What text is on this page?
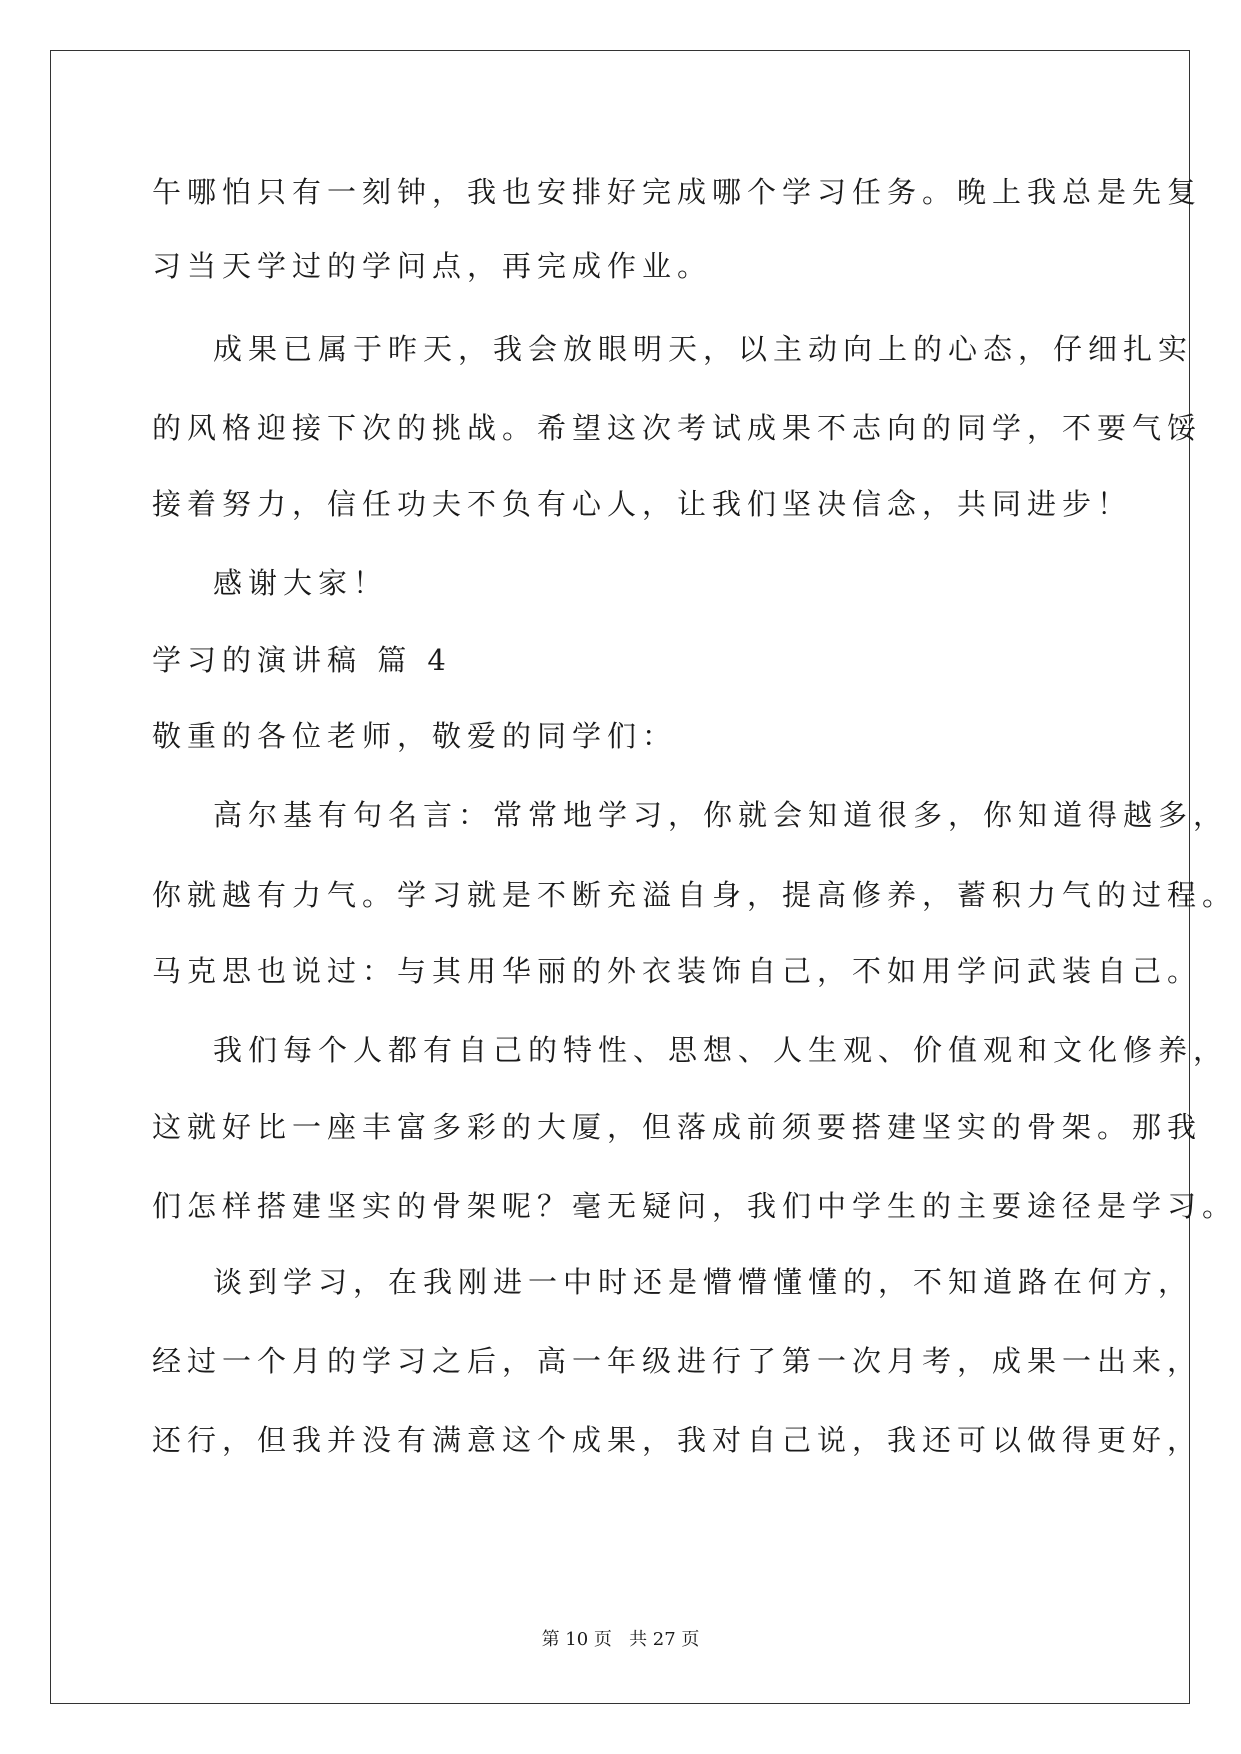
午哪怕只有一刻钟，我也安排好完成哪个学习任务。晚上我总是先复
习当天学过的学问点，再完成作业。
成果已属于昨天，我会放眼明天，以主动向上的心态，仔细扎实
的风格迎接下次的挑战。希望这次考试成果不志向的同学，不要气馁
接着努力，信任功夫不负有心人，让我们坚决信念，共同进步！
感谢大家！
学习的演讲稿 篇 4
敬重的各位老师，敬爱的同学们：
高尔基有句名言：常常地学习，你就会知道很多，你知道得越多，
你就越有力气。学习就是不断充溢自身，提高修养，蓄积力气的过程。
马克思也说过：与其用华丽的外衣装饰自己，不如用学问武装自己。
我们每个人都有自己的特性、思想、人生观、价值观和文化修养，
这就好比一座丰富多彩的大厦，但落成前须要搭建坚实的骨架。那我
们怎样搭建坚实的骨架呢？毫无疑问，我们中学生的主要途径是学习。
谈到学习，在我刚进一中时还是懵懵懂懂的，不知道路在何方，
经过一个月的学习之后，高一年级进行了第一次月考，成果一出来，
还行，但我并没有满意这个成果，我对自己说，我还可以做得更好，
第 10 页   共 27 页
